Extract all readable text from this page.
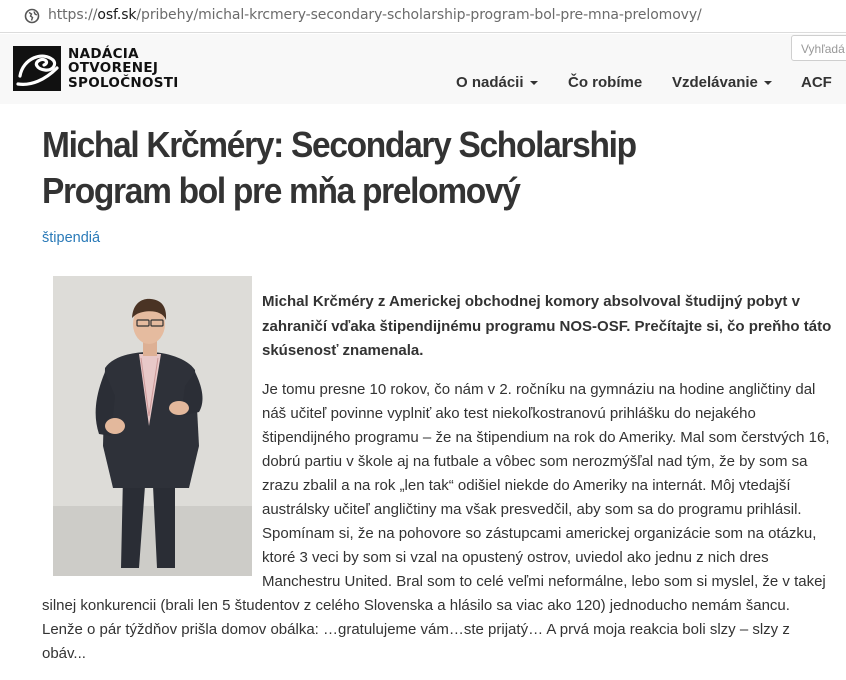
https://osf.sk/pribehy/michal-krcmery-secondary-scholarship-program-bol-pre-mna-prelomovy/
NADÁCIA
OTVORENEJ
SPOLOČNOSTI
Vyhľadá
O nadácii	Čo robíme Vzdelávanie	ACF
Michal Krčméry: Secondary Scholarship Program bol pre mňa prelomový
štipendiá

Michal Krčméry z Americkej obchodnej komory absolvoval študijný pobyt v zahraničí vďaka štipendijnému programu NOS-OSF. Prečítajte si, čo preňho táto skúsenosť znamenala.

Je tomu presne 10 rokov, čo nám v 2. ročníku na gymnáziu na hodine angličtiny dal náš učiteľ povinne vyplniť ako test niekoľkostranovú prihlášku do nejakého štipendijného programu – že na štipendium na rok do Ameriky. Mal som čerstvých 16, dobrú partiu v škole aj na futbale a vôbec som nerozmýšľal nad tým, že by som sa zrazu zbalil a na rok „len tak“ odišiel niekde do Ameriky na internát. Môj vtedajší austrálsky učiteľ angličtiny ma však presvedčil, aby som sa do programu prihlásil. Spomínam si, že na pohovore so zástupcami americkej organizácie som na otázku, ktoré 3 veci by som si vzal na opustený ostrov, uviedol ako jednu z nich dres Manchestru United. Bral som to celé veľmi neformálne, lebo som si myslel, že v takej silnej konkurencii (brali len 5 študentov z celého Slovenska a hlásilo sa viac ako 120) jednoducho nemám šancu. Lenže o pár týždňov prišla domov obálka: …gratulujeme vám…ste prijatý… A prvá moja reakcia boli slzy – slzy z obáv...
